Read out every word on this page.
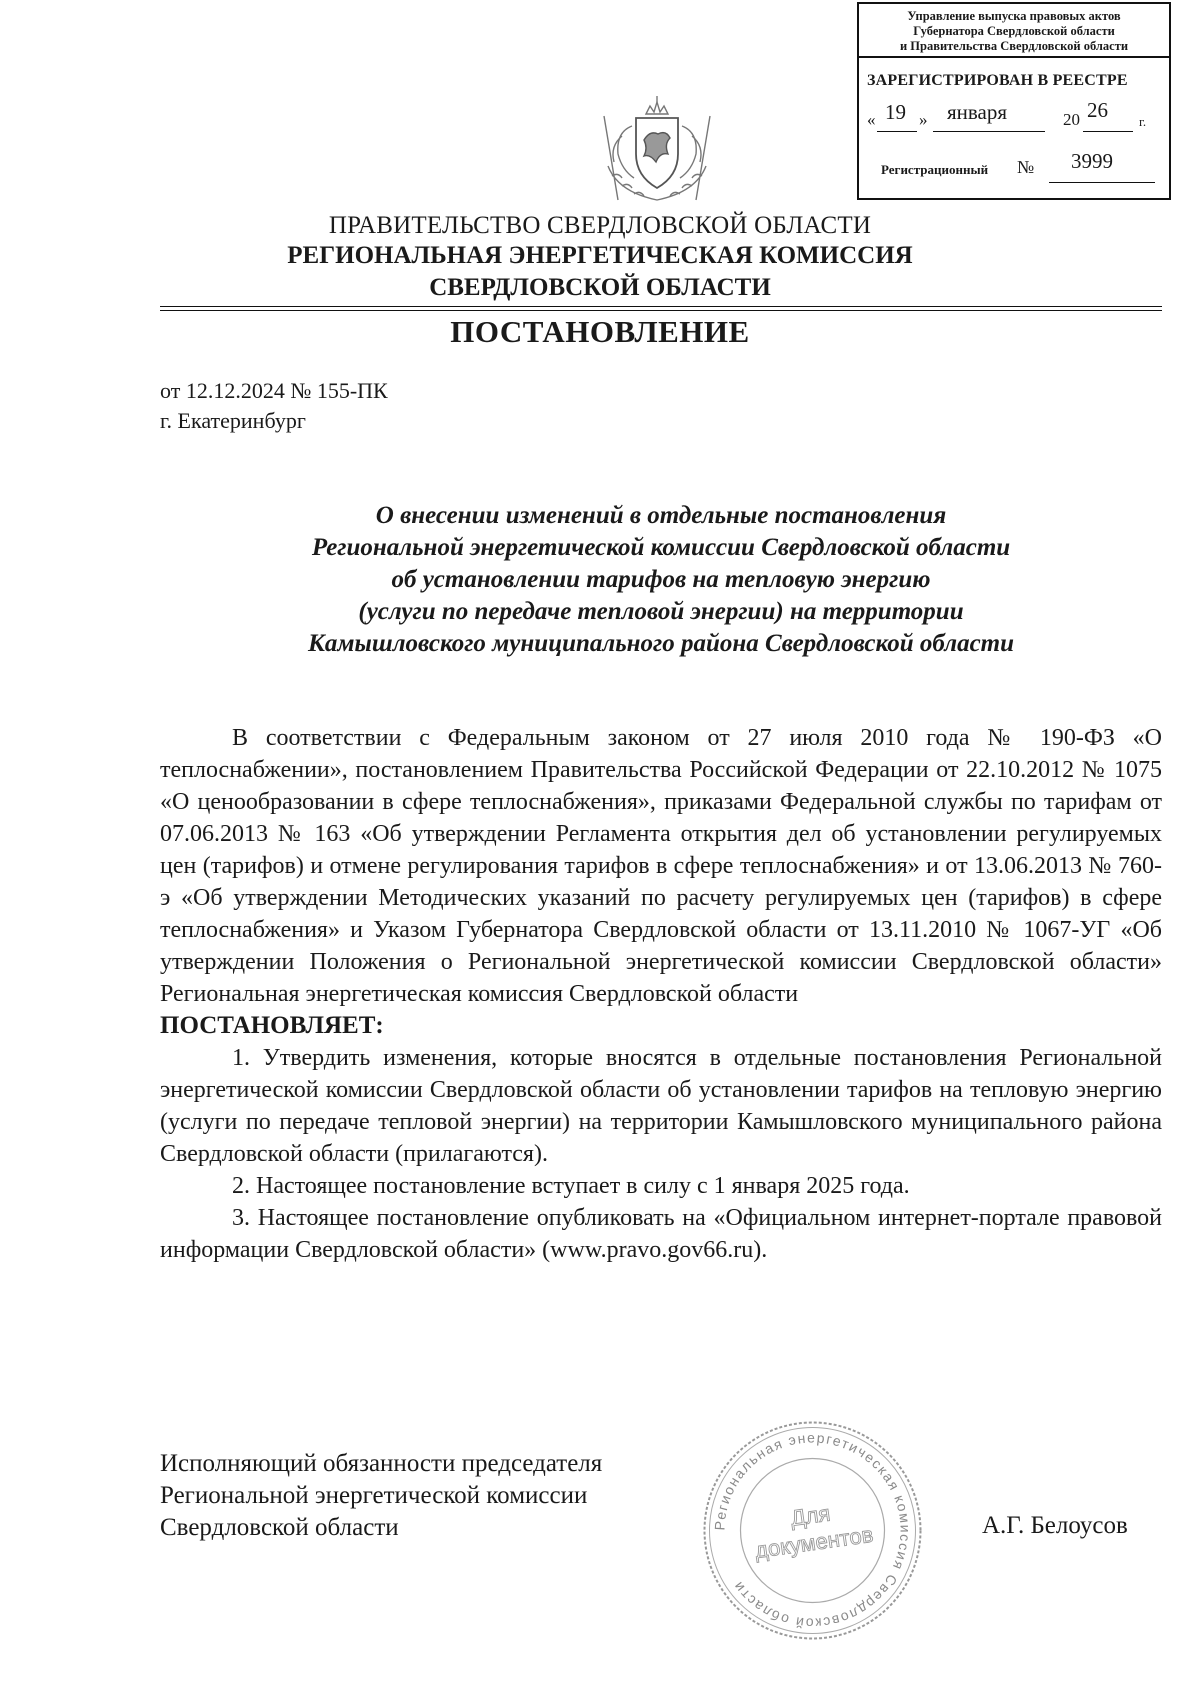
Управление выпуска правовых актов
Губернатора Свердловской области
и Правительства Свердловской области
ЗАРЕГИСТРИРОВАН В РЕЕСТРЕ
« 19 » января	20 26 г.
Регистрационный № 3999
ПРАВИТЕЛЬСТВО СВЕРДЛОВСКОЙ ОБЛАСТИ
РЕГИОНАЛЬНАЯ ЭНЕРГЕТИЧЕСКАЯ КОМИССИЯ
СВЕРДЛОВСКОЙ ОБЛАСТИ
ПОСТАНОВЛЕНИЕ
от 12.12.2024 № 155-ПК
г. Екатеринбург
О внесении изменений в отдельные постановления
Региональной энергетической комиссии Свердловской области
об установлении тарифов на тепловую энергию
(услуги по передаче тепловой энергии) на территории
Камышловского муниципального района Свердловской области

В соответствии с Федеральным законом от 27 июля 2010 года № 190-ФЗ «О теплоснабжении», постановлением Правительства Российской Федерации от 22.10.2012 № 1075 «О ценообразовании в сфере теплоснабжения», приказами Федеральной службы по тарифам от 07.06.2013 № 163 «Об утверждении Регламента открытия дел об установлении регулируемых цен (тарифов) и отмене регулирования тарифов в сфере теплоснабжения» и от 13.06.2013 № 760-э «Об утверждении Методических указаний по расчету регулируемых цен (тарифов) в сфере теплоснабжения» и Указом Губернатора Свердловской области от 13.11.2010 № 1067-УГ «Об утверждении Положения о Региональной энергетической комиссии Свердловской области» Региональная энергетическая комиссия Свердловской области

ПОСТАНОВЛЯЕТ:

1. Утвердить изменения, которые вносятся в отдельные постановления Региональной энергетической комиссии Свердловской области об установлении тарифов на тепловую энергию (услуги по передаче тепловой энергии) на территории Камышловского муниципального района Свердловской области (прилагаются).

2. Настоящее постановление вступает в силу с 1 января 2025 года.

3. Настоящее постановление опубликовать на «Официальном интернет-портале правовой информации Свердловской области» (www.pravo.gov66.ru).

Исполняющий обязанности председателя
Региональной энергетической комиссии
Свердловской области	А.Г. Белоусов
Региональная энергетическая комиссия Свердловской области
Для
документов
